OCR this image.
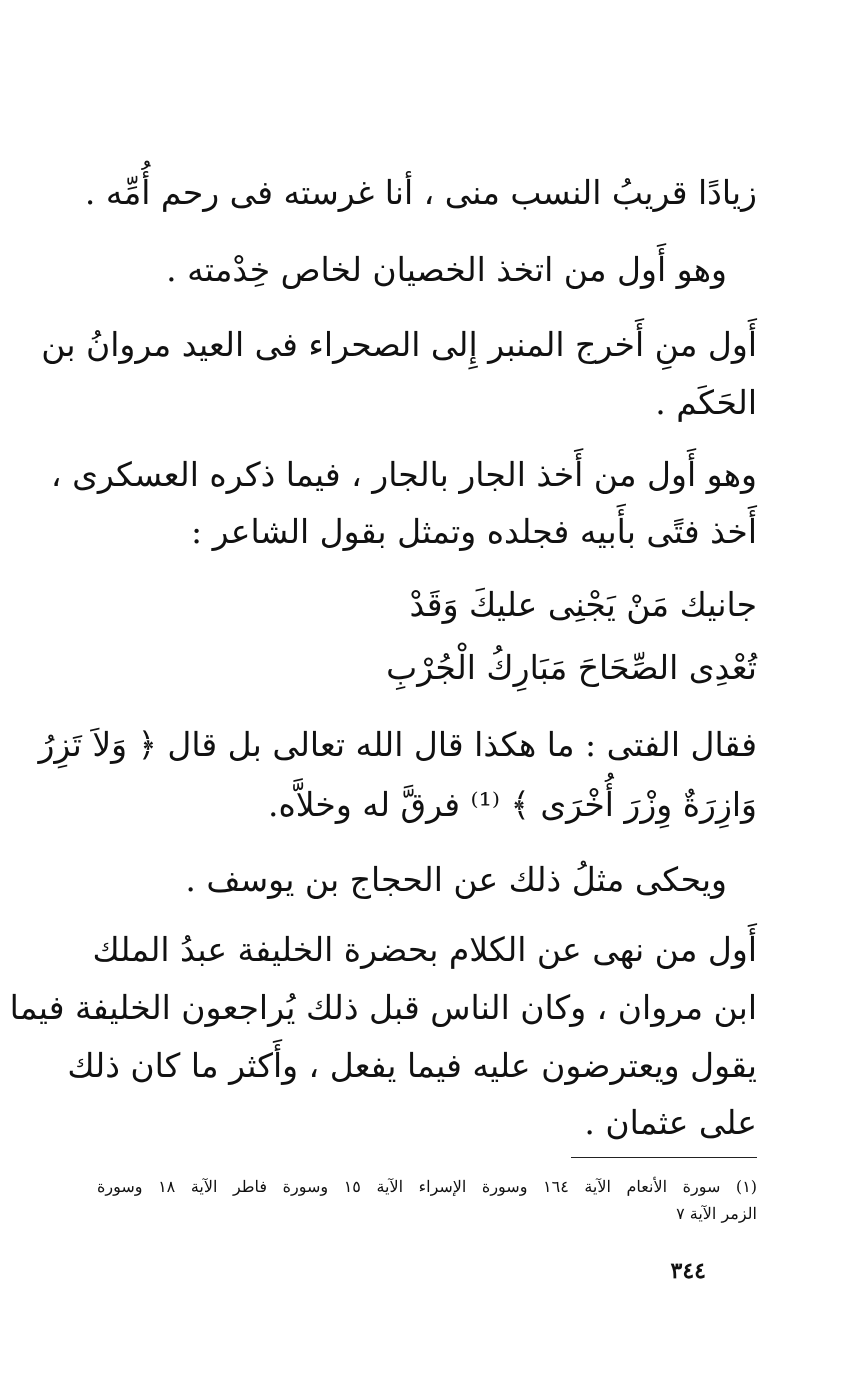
زيادًا قريبُ النسب منى ، أنا غرسته فى رحم أُمِّه .
وهو أَول من اتخذ الخصيان لخاص خِدْمته .
أَول منِ أَخرج المنبر إِلى الصحراء فى العيد مروانُ بن
الحَكَم .
وهو أَول من أَخذ الجار بالجار ، فيما ذكره العسكرى ،
أَخذ فتًى بأَبيه فجلده وتمثل بقول الشاعر :
جانيك مَنْ يَجْنِى عليكَ وَقَدْ
تُعْدِى الصِّحَاحَ مَبَارِكُ الْجُرْبِ
فقال الفتى : ما هكذا قال الله تعالى بل قال ﴿ وَلاَ تَزِرُ
وَازِرَةٌ وِزْرَ أُخْرَى ﴾ ⁽¹⁾ فرقَّ له وخلاَّه.
ويحكى مثلُ ذلك عن الحجاج بن يوسف .
أَول من نهى عن الكلام بحضرة الخليفة عبدُ الملك
ابن مروان ، وكان الناس قبل ذلك يُراجعون الخليفة فيما
يقول ويعترضون عليه فيما يفعل ، وأَكثر ما كان ذلك
على عثمان .
(١) سورة الأنعام الآية ١٦٤ وسورة الإسراء الآية ١٥ وسورة فاطر الآية ١٨ وسورة
الزمر الآية ٧
٣٤٤
